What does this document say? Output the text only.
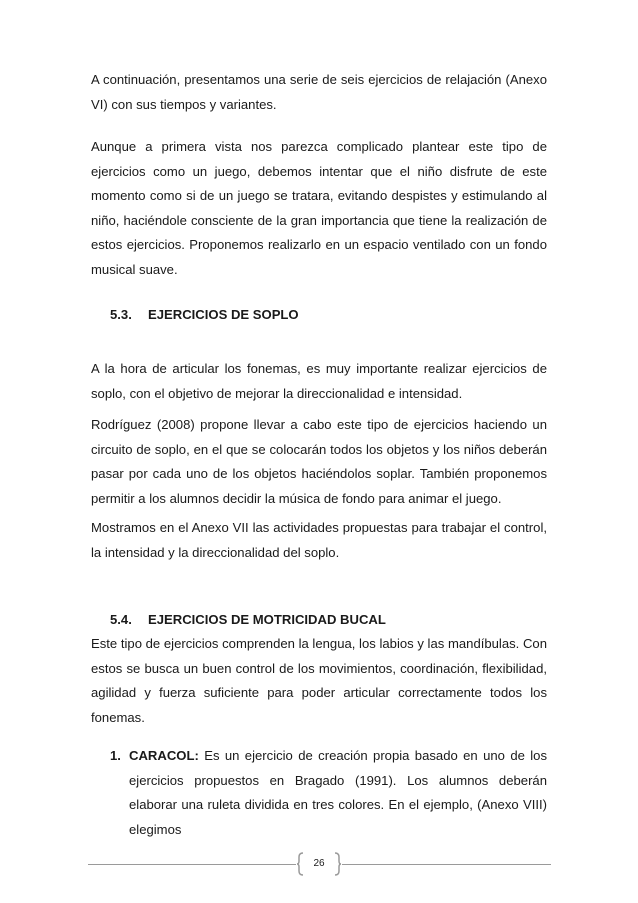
A continuación, presentamos una serie de seis ejercicios de relajación (Anexo VI) con sus tiempos y variantes.

Aunque a primera vista nos parezca complicado plantear este tipo de ejercicios como un juego, debemos intentar que el niño disfrute de este momento como si de un juego se tratara, evitando despistes y estimulando al niño, haciéndole consciente de la gran importancia que tiene la realización de estos ejercicios. Proponemos realizarlo en un espacio ventilado con un fondo musical suave.

5.3. EJERCICIOS DE SOPLO

A la hora de articular los fonemas, es muy importante realizar ejercicios de soplo, con el objetivo de mejorar la direccionalidad e intensidad.

Rodríguez (2008) propone llevar a cabo este tipo de ejercicios haciendo un circuito de soplo, en el que se colocarán todos los objetos y los niños deberán pasar por cada uno de los objetos haciéndolos soplar. También proponemos permitir a los alumnos decidir la música de fondo para animar el juego.

Mostramos en el Anexo VII las actividades propuestas para trabajar el control, la intensidad y la direccionalidad del soplo.

5.4. EJERCICIOS DE MOTRICIDAD BUCAL

Este tipo de ejercicios comprenden la lengua, los labios y las mandíbulas. Con estos se busca un buen control de los movimientos, coordinación, flexibilidad, agilidad y fuerza suficiente para poder articular correctamente todos los fonemas.

1. CARACOL: Es un ejercicio de creación propia basado en uno de los ejercicios propuestos en Bragado (1991). Los alumnos deberán elaborar una ruleta dividida en tres colores. En el ejemplo, (Anexo VIII) elegimos
26
